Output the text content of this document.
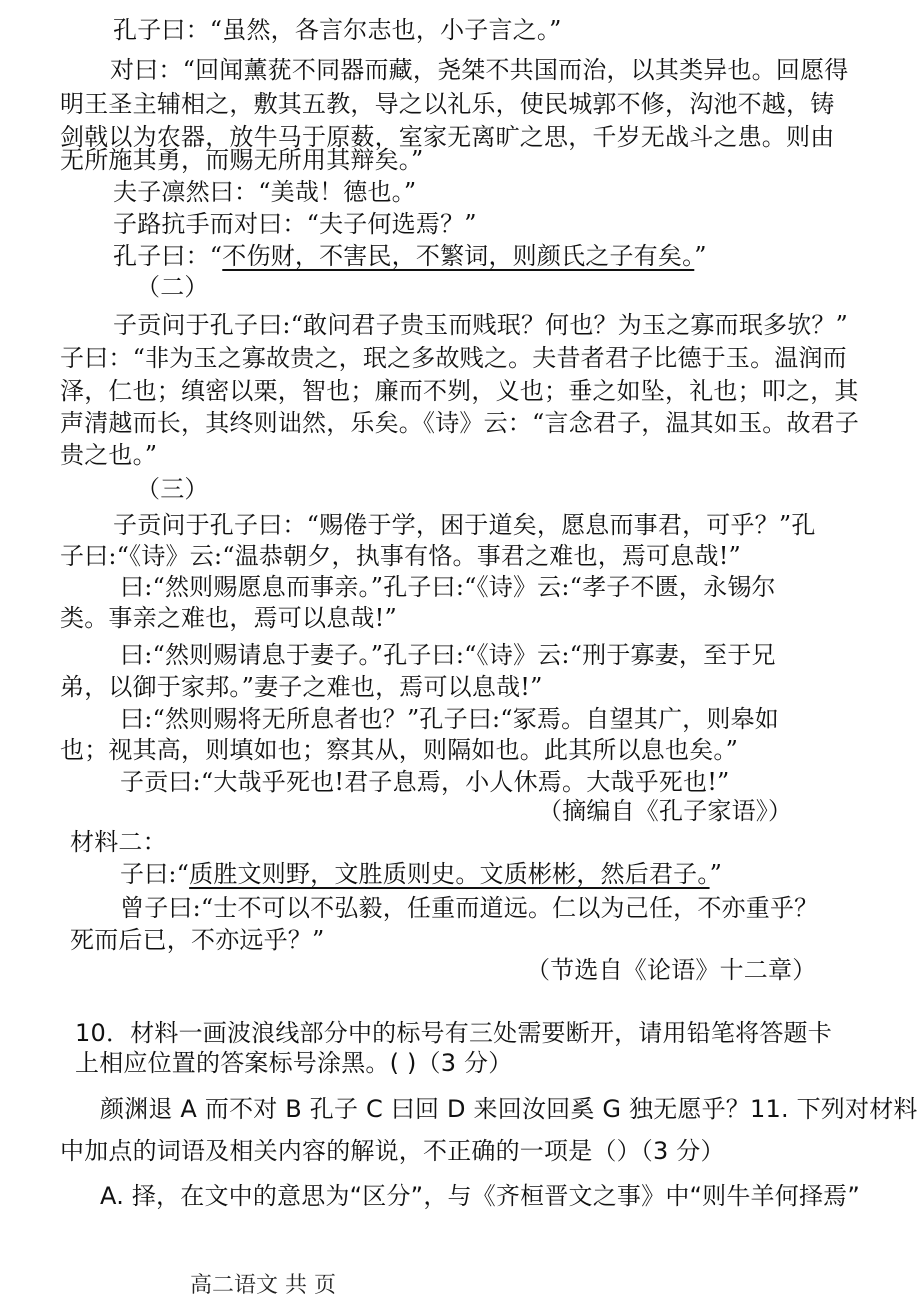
孔子曰：“虽然，各言尔志也，小子言之。”
对曰：“回闻薰莸不同器而藏，尧桀不共国而治，以其类异也。回愿得
明王圣主辅相之，敷其五教，导之以礼乐，使民城郭不修，沟池不越，铸
剑戟以为农器，放牛马于原薮，室家无离旷之思，千岁无战斗之患。则由
无所施其勇，而赐无所用其辩矣。”
夫子凛然曰：“美哉！德也。”
子路抗手而对曰：“夫子何选焉？”
孔子曰：“不伤财，不害民，不繁词，则颜氏之子有矣。”
（二）
子贡问于孔子曰:“敢问君子贵玉而贱珉？何也？为玉之寡而珉多欤？”
子曰：“非为玉之寡故贵之，珉之多故贱之。夫昔者君子比德于玉。温润而
泽，仁也；缜密以栗，智也；廉而不刿，义也；垂之如坠，礼也；叩之，其
声清越而长，其终则诎然，乐矣。《诗》云：“言念君子，温其如玉。故君子
贵之也。”
（三）
子贡问于孔子曰：“赐倦于学，困于道矣，愿息而事君，可乎？”孔
子曰:“《诗》云:“温恭朝夕，执事有恪。事君之难也，焉可息哉!”
曰:“然则赐愿息而事亲。”孔子曰:“《诗》云:“孝子不匮，永锡尔
类。事亲之难也，焉可以息哉!”
曰:“然则赐请息于妻子。”孔子曰:“《诗》云:“刑于寡妻，至于兄
弟，以御于家邦。”妻子之难也，焉可以息哉!”
曰:“然则赐将无所息者也？”孔子曰:“冢焉。自望其广，则皋如
也；视其高，则填如也；察其从，则隔如也。此其所以息也矣。”
子贡曰:“大哉乎死也!君子息焉，小人休焉。大哉乎死也!”
（摘编自《孔子家语》）
材料二：
子曰:“质胜文则野，文胜质则史。文质彬彬，然后君子。”
曾子曰:“士不可以不弘毅，任重而道远。仁以为己任，不亦重乎？
死而后已，不亦远乎？”
（节选自《论语》十二章）
10．材料一画波浪线部分中的标号有三处需要断开，请用铅笔将答题卡
上相应位置的答案标号涂黑。( )（3 分）
颜渊退 A 而不对 B 孔子 C 曰回 D 来回汝回奚 G 独无愿乎？11. 下列对材料
中加点的词语及相关内容的解说，不正确的一项是（）（3 分）
A. 择，在文中的意思为“区分”，与《齐桓晋文之事》中“则牛羊何择焉”
高二语文 共 页
